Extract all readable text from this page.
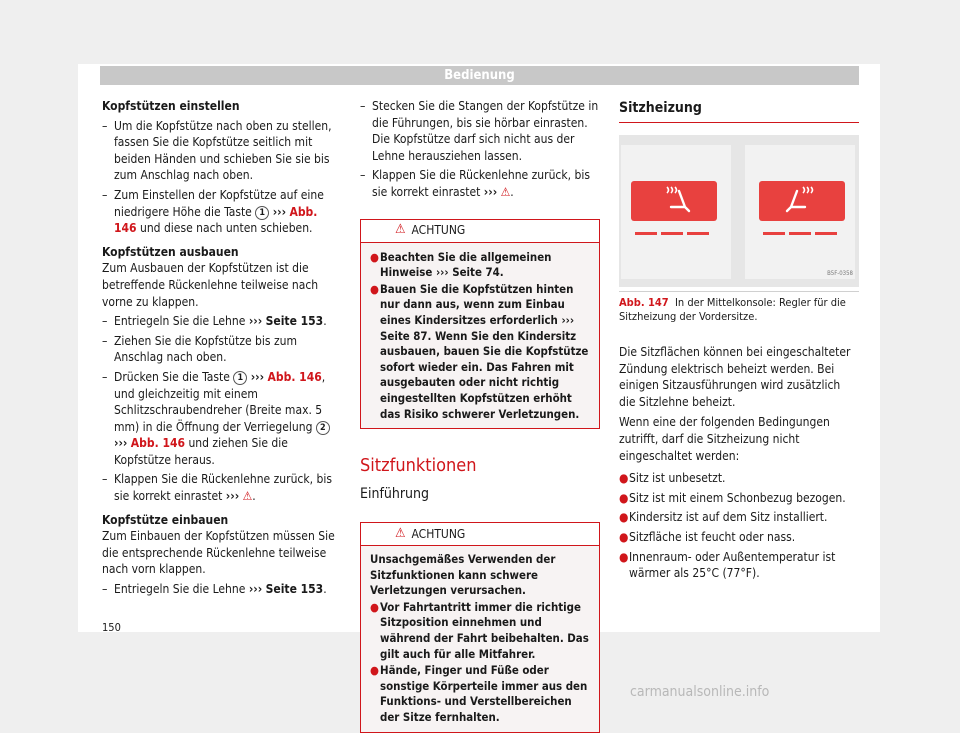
Bedienung

Kopfstützen einstellen

– Um die Kopfstütze nach oben zu stellen, fassen Sie die Kopfstütze seitlich mit beiden Händen und schieben Sie sie bis zum Anschlag nach oben.

– Zum Einstellen der Kopfstütze auf eine niedrigere Höhe die Taste 1 ››› Abb. 146 und diese nach unten schieben.

Kopfstützen ausbauen

Zum Ausbauen der Kopfstützen ist die betreffende Rückenlehne teilweise nach vorne zu klappen.

– Entriegeln Sie die Lehne ››› Seite 153.

– Ziehen Sie die Kopfstütze bis zum Anschlag nach oben.

– Drücken Sie die Taste 1 ››› Abb. 146, und gleichzeitig mit einem Schlitzschraubendreher (Breite max. 5 mm) in die Öffnung der Verriegelung 2 ››› Abb. 146 und ziehen Sie die Kopfstütze heraus.

– Klappen Sie die Rückenlehne zurück, bis sie korrekt einrastet ››› ⚠.

Kopfstütze einbauen

Zum Einbauen der Kopfstützen müssen Sie die entsprechende Rückenlehne teilweise nach vorn klappen.

– Entriegeln Sie die Lehne ››› Seite 153.

– Stecken Sie die Stangen der Kopfstütze in die Führungen, bis sie hörbar einrasten. Die Kopfstütze darf sich nicht aus der Lehne herausziehen lassen.

– Klappen Sie die Rückenlehne zurück, bis sie korrekt einrastet ››› ⚠.

⚠ ACHTUNG

●Beachten Sie die allgemeinen Hinweise ››› Seite 74.

●Bauen Sie die Kopfstützen hinten nur dann aus, wenn zum Einbau eines Kindersitzes erforderlich ››› Seite 87. Wenn Sie den Kindersitz ausbauen, bauen Sie die Kopfstütze sofort wieder ein. Das Fahren mit ausgebauten oder nicht richtig eingestellten Kopfstützen erhöht das Risiko schwerer Verletzungen.

Sitzfunktionen

Einführung

⚠ ACHTUNG

Unsachgemäßes Verwenden der Sitzfunktionen kann schwere Verletzungen verursachen.

●Vor Fahrtantritt immer die richtige Sitzposition einnehmen und während der Fahrt beibehalten. Das gilt auch für alle Mitfahrer.

●Hände, Finger und Füße oder sonstige Körperteile immer aus den Funktions- und Verstellbereichen der Sitze fernhalten.

Sitzheizung

B5F-0358

Abb. 147 In der Mittelkonsole: Regler für die Sitzheizung der Vordersitze.

Die Sitzflächen können bei eingeschalteter Zündung elektrisch beheizt werden. Bei einigen Sitzausführungen wird zusätzlich die Sitzlehne beheizt.

Wenn eine der folgenden Bedingungen zutrifft, darf die Sitzheizung nicht eingeschaltet werden:

●Sitz ist unbesetzt.

●Sitz ist mit einem Schonbezug bezogen.

●Kindersitz ist auf dem Sitz installiert.

●Sitzfläche ist feucht oder nass.

●Innenraum- oder Außentemperatur ist wärmer als 25°C (77°F).

150
carmanualsonline.info
